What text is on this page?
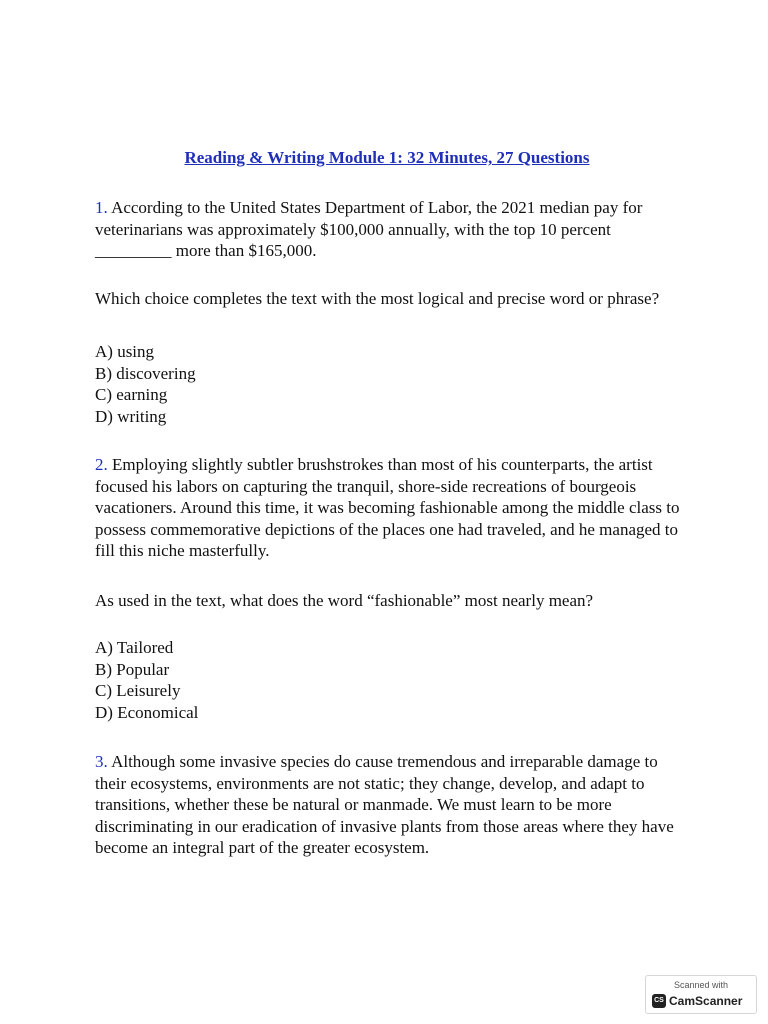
Reading & Writing Module 1: 32 Minutes, 27 Questions
1. According to the United States Department of Labor, the 2021 median pay for veterinarians was approximately $100,000 annually, with the top 10 percent _________ more than $165,000.
Which choice completes the text with the most logical and precise word or phrase?
A) using
B) discovering
C) earning
D) writing
2. Employing slightly subtler brushstrokes than most of his counterparts, the artist focused his labors on capturing the tranquil, shore-side recreations of bourgeois vacationers. Around this time, it was becoming fashionable among the middle class to possess commemorative depictions of the places one had traveled, and he managed to fill this niche masterfully.
As used in the text, what does the word “fashionable” most nearly mean?
A) Tailored
B) Popular
C) Leisurely
D) Economical
3. Although some invasive species do cause tremendous and irreparable damage to their ecosystems, environments are not static; they change, develop, and adapt to transitions, whether these be natural or manmade. We must learn to be more discriminating in our eradication of invasive plants from those areas where they have become an integral part of the greater ecosystem.
Scanned with
CS CamScanner
